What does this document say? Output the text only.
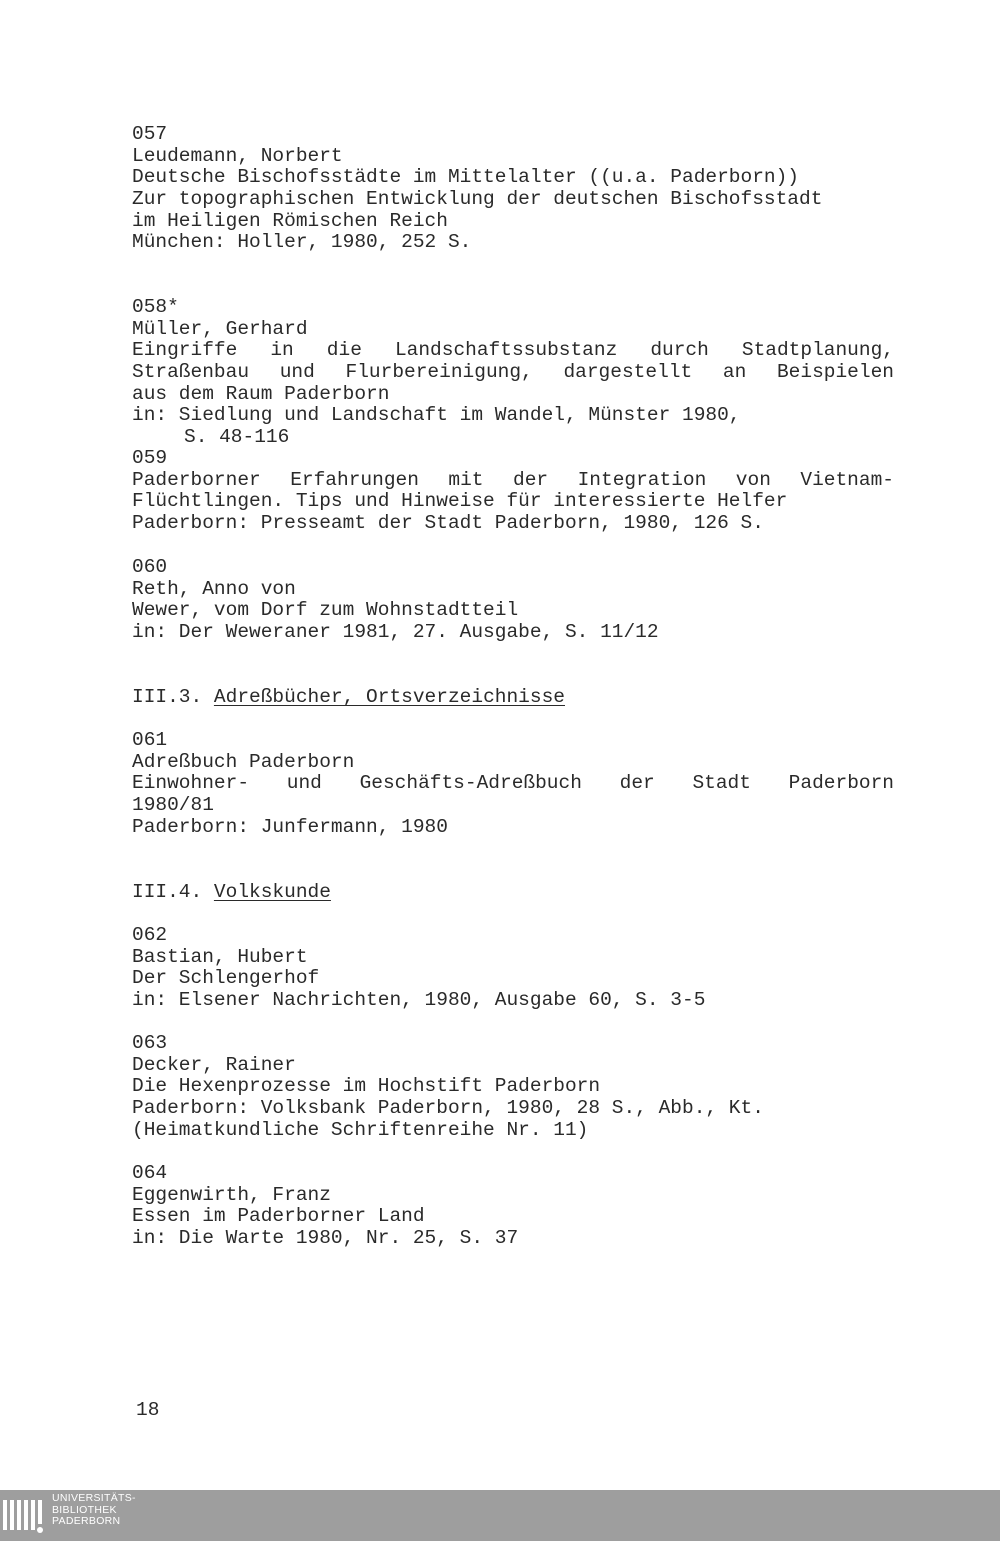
057
Leudemann, Norbert
Deutsche Bischofsstädte im Mittelalter ((u.a. Paderborn))
Zur topographischen Entwicklung der deutschen Bischofsstadt
im Heiligen Römischen Reich
München: Holler, 1980, 252 S.
058*
Müller, Gerhard
Eingriffe in die Landschaftssubstanz durch Stadtplanung,
Straßenbau und Flurbereinigung, dargestellt an Beispielen
aus dem Raum Paderborn
in: Siedlung und Landschaft im Wandel, Münster 1980,
S. 48-116
059
Paderborner Erfahrungen mit der Integration von Vietnam-
Flüchtlingen. Tips und Hinweise für interessierte Helfer
Paderborn: Presseamt der Stadt Paderborn, 1980, 126 S.
060
Reth, Anno von
Wewer, vom Dorf zum Wohnstadtteil
in: Der Weweraner 1981, 27. Ausgabe, S. 11/12
III.3. Adreßbücher, Ortsverzeichnisse
061
Adreßbuch Paderborn
Einwohner- und Geschäfts-Adreßbuch der Stadt Paderborn
1980/81
Paderborn: Junfermann, 1980
III.4. Volkskunde
062
Bastian, Hubert
Der Schlengerhof
in: Elsener Nachrichten, 1980, Ausgabe 60, S. 3-5
063
Decker, Rainer
Die Hexenprozesse im Hochstift Paderborn
Paderborn: Volksbank Paderborn, 1980, 28 S., Abb., Kt.
(Heimatkundliche Schriftenreihe Nr. 11)
064
Eggenwirth, Franz
Essen im Paderborner Land
in: Die Warte 1980, Nr. 25, S. 37
18
UNIVERSITÄTS-
BIBLIOTHEK
PADERBORN
